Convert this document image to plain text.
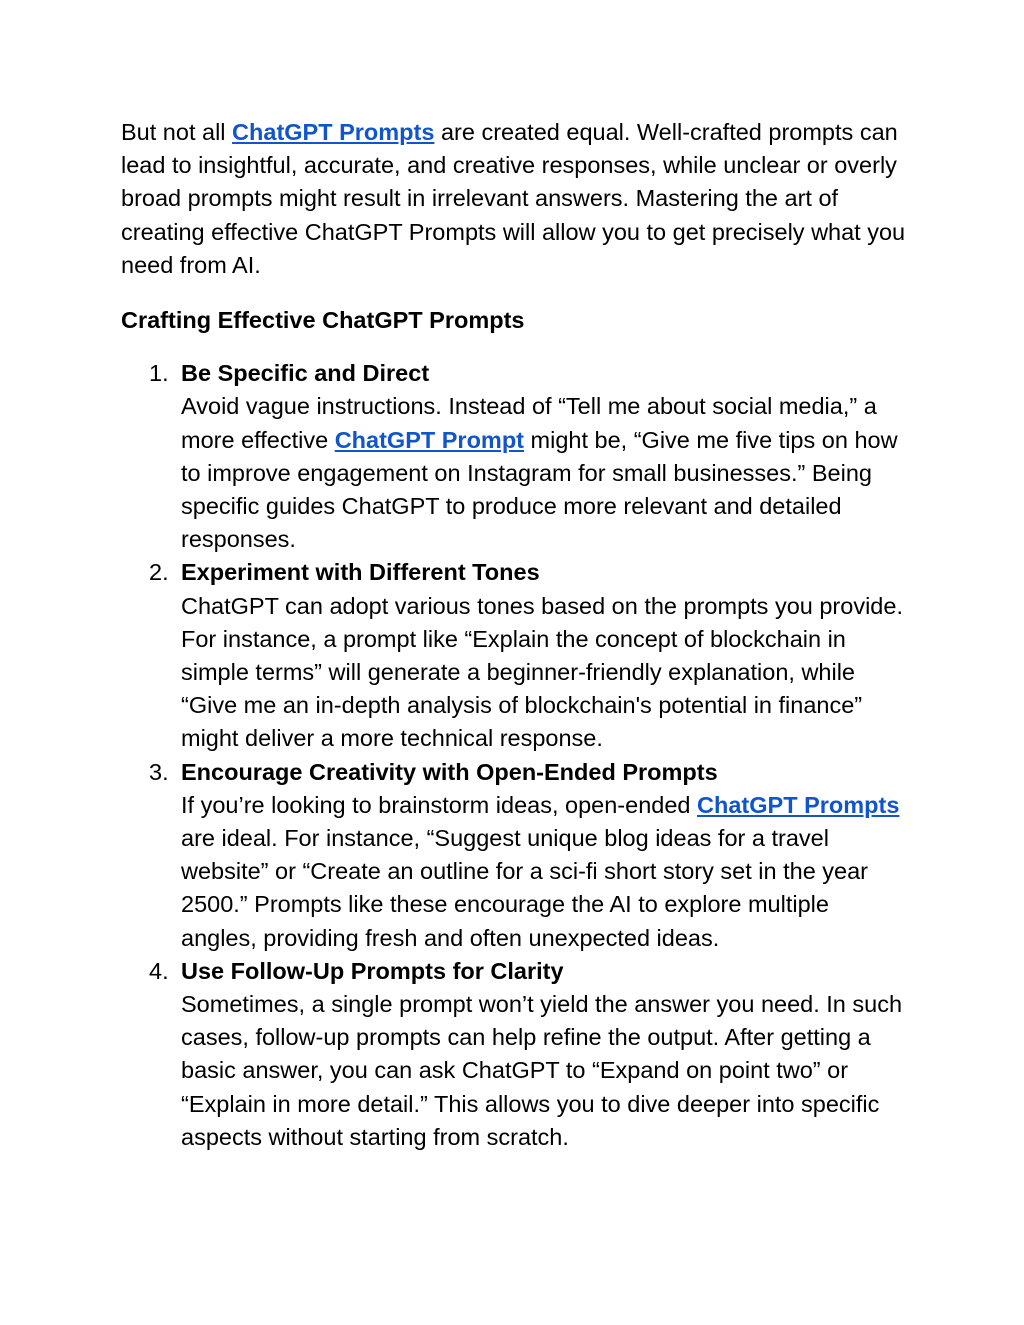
But not all ChatGPT Prompts are created equal. Well-crafted prompts can lead to insightful, accurate, and creative responses, while unclear or overly broad prompts might result in irrelevant answers. Mastering the art of creating effective ChatGPT Prompts will allow you to get precisely what you need from AI.

Crafting Effective ChatGPT Prompts
1. Be Specific and Direct
Avoid vague instructions. Instead of “Tell me about social media,” a more effective ChatGPT Prompt might be, “Give me five tips on how to improve engagement on Instagram for small businesses.” Being specific guides ChatGPT to produce more relevant and detailed responses.
2. Experiment with Different Tones
ChatGPT can adopt various tones based on the prompts you provide. For instance, a prompt like “Explain the concept of blockchain in simple terms” will generate a beginner-friendly explanation, while “Give me an in-depth analysis of blockchain's potential in finance” might deliver a more technical response.
3. Encourage Creativity with Open-Ended Prompts
If you’re looking to brainstorm ideas, open-ended ChatGPT Prompts are ideal. For instance, “Suggest unique blog ideas for a travel website” or “Create an outline for a sci-fi short story set in the year 2500.” Prompts like these encourage the AI to explore multiple angles, providing fresh and often unexpected ideas.
4. Use Follow-Up Prompts for Clarity
Sometimes, a single prompt won’t yield the answer you need. In such cases, follow-up prompts can help refine the output. After getting a basic answer, you can ask ChatGPT to “Expand on point two” or “Explain in more detail.” This allows you to dive deeper into specific aspects without starting from scratch.
